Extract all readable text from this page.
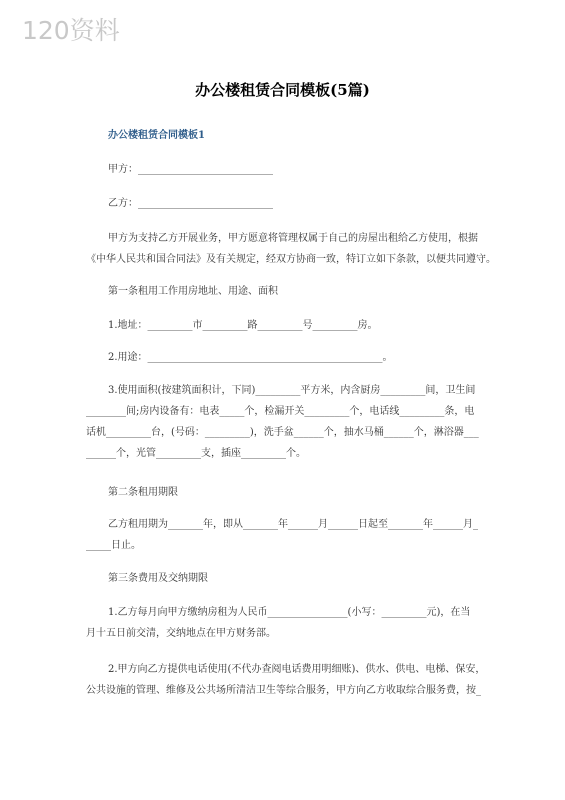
120资料
办公楼租赁合同模板(5篇)
办公楼租赁合同模板1
甲方：___________________________
乙方：___________________________
甲方为支持乙方开展业务，甲方愿意将管理权属于自己的房屋出租给乙方使用，根据
《中华人民共和国合同法》及有关规定，经双方协商一致，特订立如下条款，以便共同遵守。
第一条租用工作用房地址、用途、面积
1.地址：_________市_________路_________号_________房。
2.用途：_______________________________________________。
3.使用面积(按建筑面积计，下同)_________平方米，内含厨房_________间，卫生间
________间;房内设备有：电表_____个，检漏开关_________个，电话线_________条，电
话机_________台，(号码：_________)，洗手盆______个，抽水马桶______个，淋浴器___
______个，光管_________支，插座_________个。
第二条租用期限
乙方租用期为_______年，即从_______年______月______日起至_______年______月_
_____日止。
第三条费用及交纳期限
1.乙方每月向甲方缴纳房租为人民币________________(小写：_________元)，在当
月十五日前交清，交纳地点在甲方财务部。
2.甲方向乙方提供电话使用(不代办查阅电话费用明细账)、供水、供电、电梯、保安，
公共设施的管理、维修及公共场所清洁卫生等综合服务，甲方向乙方收取综合服务费，按_
